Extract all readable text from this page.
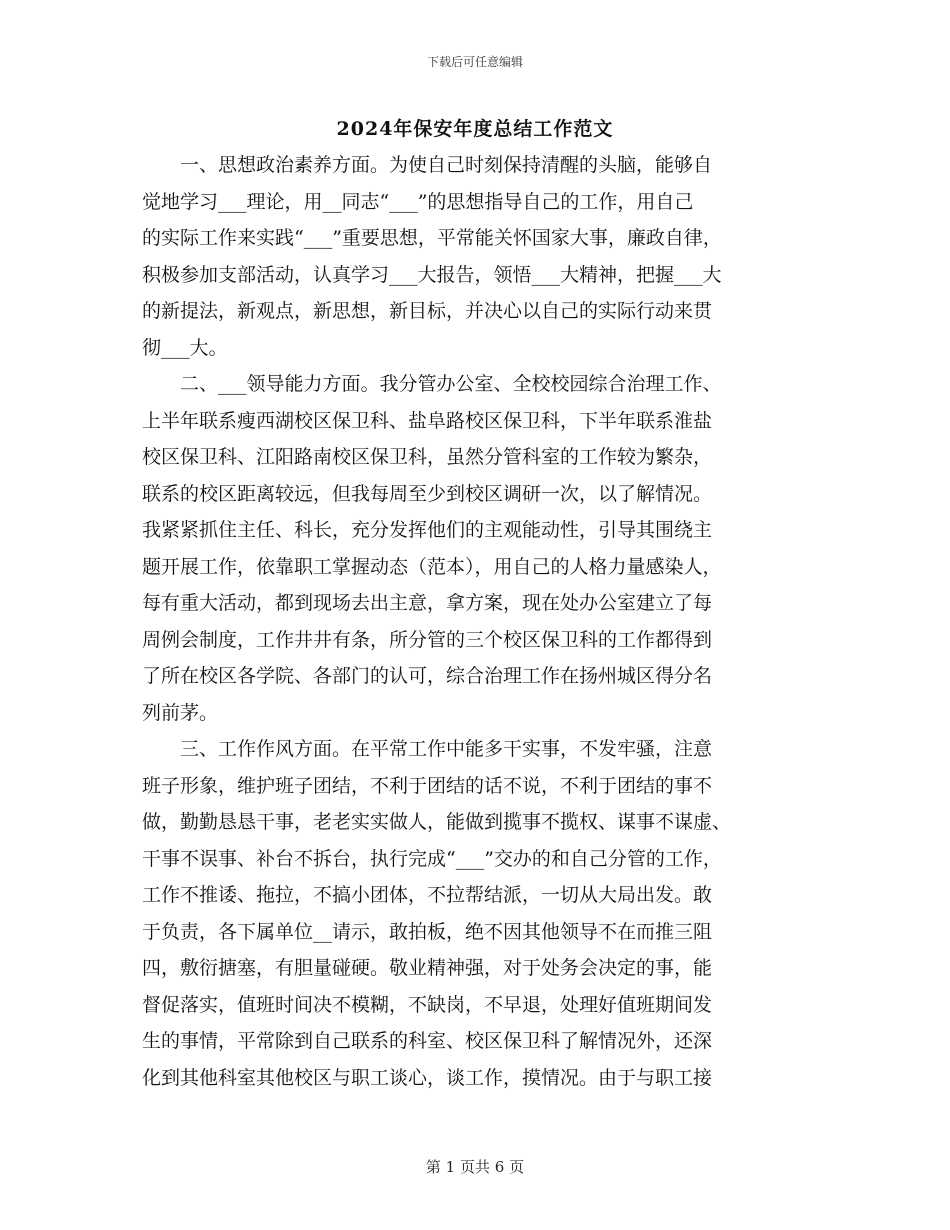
下载后可任意编辑
2024年保安年度总结工作范文
　　一、思想政治素养方面。为使自己时刻保持清醒的头脑，能够自
觉地学习___理论，用__同志“___”的思想指导自己的工作，用自己
的实际工作来实践“___”重要思想，平常能关怀国家大事，廉政自律，
积极参加支部活动，认真学习___大报告，领悟___大精神，把握___大
的新提法，新观点，新思想，新目标，并决心以自己的实际行动来贯
彻___大。
　　二、___领导能力方面。我分管办公室、全校校园综合治理工作、
上半年联系瘦西湖校区保卫科、盐阜路校区保卫科，下半年联系淮盐
校区保卫科、江阳路南校区保卫科，虽然分管科室的工作较为繁杂，
联系的校区距离较远，但我每周至少到校区调研一次，以了解情况。
我紧紧抓住主任、科长，充分发挥他们的主观能动性，引导其围绕主
题开展工作，依靠职工掌握动态（范本），用自己的人格力量感染人，
每有重大活动，都到现场去出主意，拿方案，现在处办公室建立了每
周例会制度，工作井井有条，所分管的三个校区保卫科的工作都得到
了所在校区各学院、各部门的认可，综合治理工作在扬州城区得分名
列前茅。
　　三、工作作风方面。在平常工作中能多干实事，不发牢骚，注意
班子形象，维护班子团结，不利于团结的话不说，不利于团结的事不
做，勤勤恳恳干事，老老实实做人，能做到揽事不揽权、谋事不谋虚、
干事不误事、补台不拆台，执行完成“___”交办的和自己分管的工作，
工作不推诿、拖拉，不搞小团体，不拉帮结派，一切从大局出发。敢
于负责，各下属单位__请示，敢拍板，绝不因其他领导不在而推三阻
四，敷衍搪塞，有胆量碰硬。敬业精神强，对于处务会决定的事，能
督促落实，值班时间决不模糊，不缺岗，不早退，处理好值班期间发
生的事情，平常除到自己联系的科室、校区保卫科了解情况外，还深
化到其他科室其他校区与职工谈心，谈工作，摸情况。由于与职工接
第 1 页共 6 页
